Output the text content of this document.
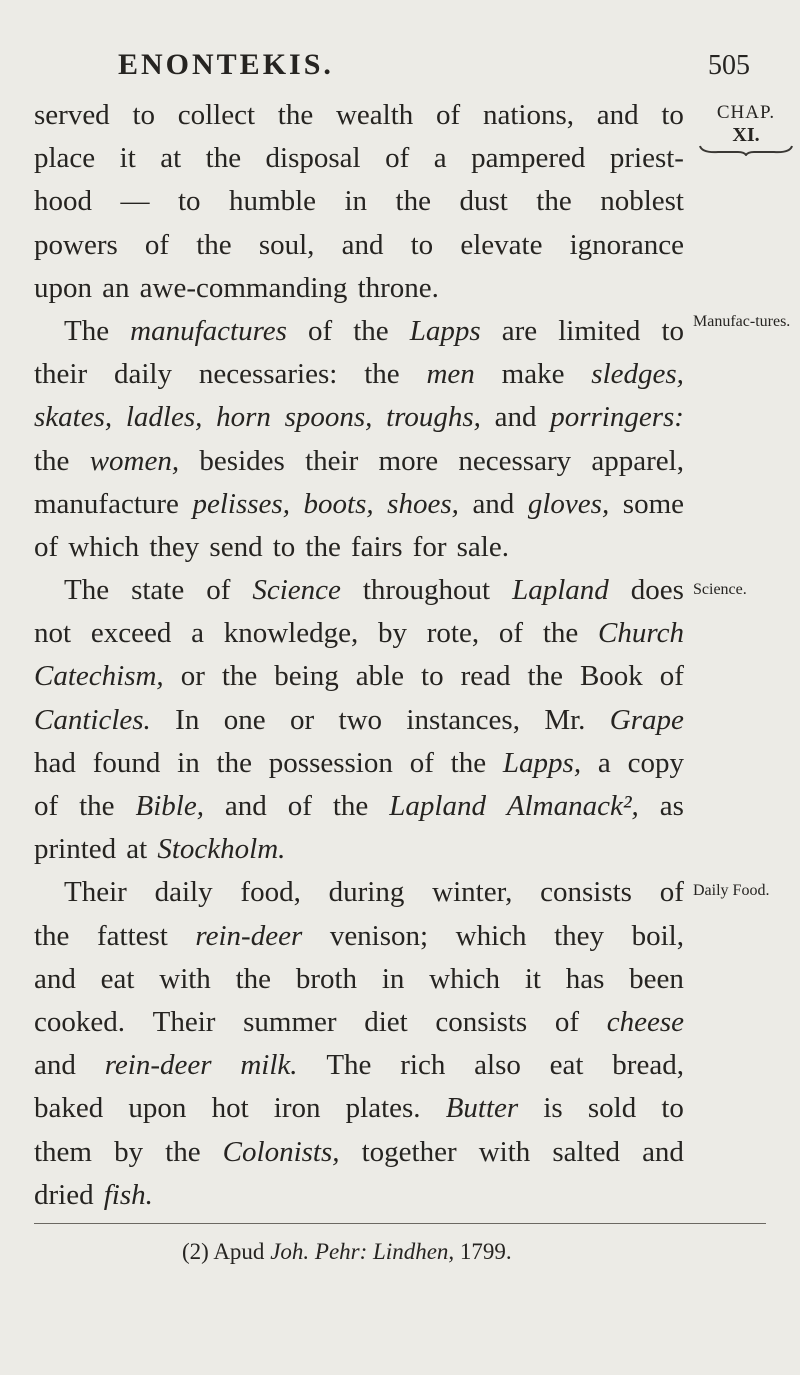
ENONTEKIS.	505
CHAP.
XI.
Manufac-tures.
Science.
Daily Food.
served to collect the wealth of nations, and to
place it at the disposal of a pampered priest-
hood — to humble in the dust the noblest
powers of the soul, and to elevate ignorance
upon an awe-commanding throne.
The manufactures of the Lapps are limited to
their daily necessaries: the men make sledges,
skates, ladles, horn spoons, troughs, and porringers:
the women, besides their more necessary apparel,
manufacture pelisses, boots, shoes, and gloves, some
of which they send to the fairs for sale.
The state of Science throughout Lapland does
not exceed a knowledge, by rote, of the Church
Catechism, or the being able to read the Book of
Canticles. In one or two instances, Mr. Grape
had found in the possession of the Lapps, a copy
of the Bible, and of the Lapland Almanack², as
printed at Stockholm.
Their daily food, during winter, consists of
the fattest rein-deer venison; which they boil,
and eat with the broth in which it has been
cooked. Their summer diet consists of cheese
and rein-deer milk. The rich also eat bread,
baked upon hot iron plates. Butter is sold to
them by the Colonists, together with salted and
dried fish.
(2) Apud Joh. Pehr: Lindhen, 1799.
